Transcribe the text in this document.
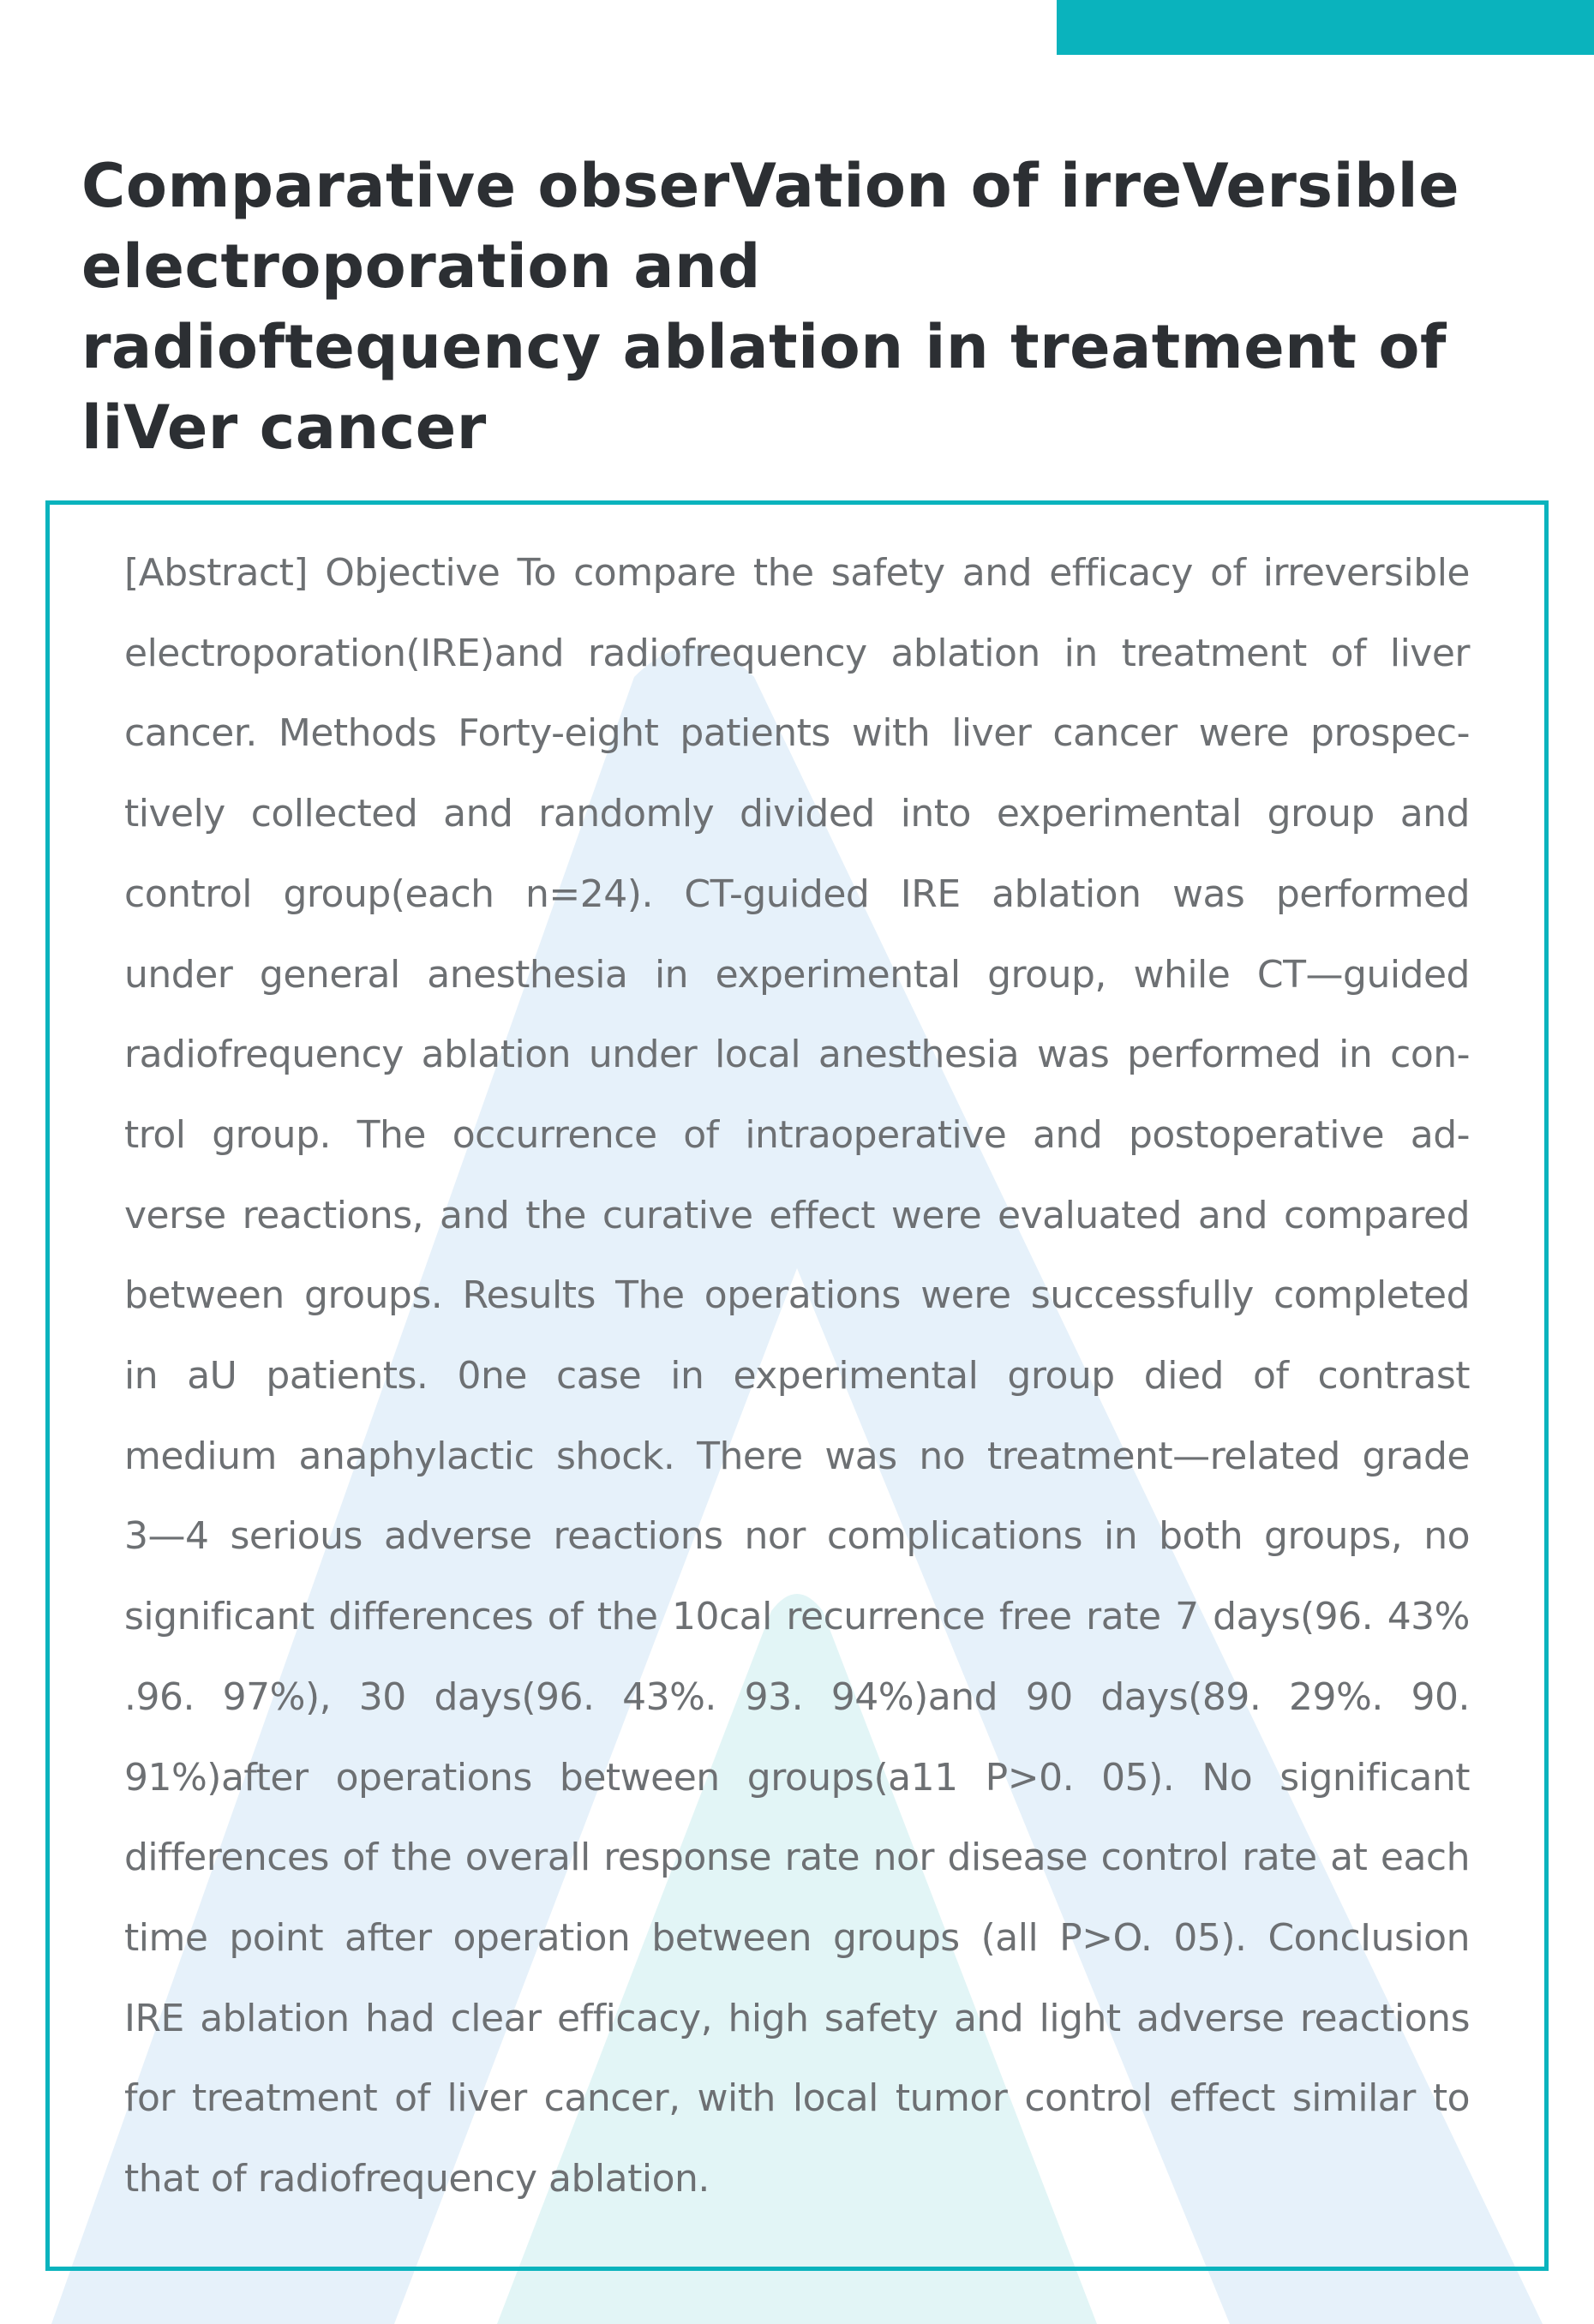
Comparative obserVation of irreVersible
electroporation and
radioftequency ablation in treatment of
liVer cancer

[Abstract] Objective To compare the safety and efficacy of irreversible
electroporation(IRE)and radiofrequency ablation in treatment of liver
cancer. Methods Forty-eight patients with liver cancer were prospec-
tively collected and randomly divided into experimental group and
control group(each n=24). CT-guided IRE ablation was performed
under general anesthesia in experimental group, while CT—guided
radiofrequency ablation under local anesthesia was performed in con-
trol group. The occurrence of intraoperative and postoperative ad-
verse reactions, and the curative effect were evaluated and compared
between groups. Results The operations were successfully completed
in aU patients. 0ne case in experimental group died of contrast
medium anaphylactic shock. There was no treatment—related grade
3—4 serious adverse reactions nor complications in both groups, no
significant differences of the 10cal recurrence free rate 7 days(96. 43%
.96. 97%), 30 days(96. 43%. 93. 94%)and 90 days(89. 29%. 90.
91%)after operations between groups(a11 P>0. 05). No significant
differences of the overall response rate nor disease control rate at each
time point after operation between groups (all P>O. 05). ConcIusion
IRE ablation had clear efficacy, high safety and light adverse reactions
for treatment of liver cancer, with local tumor control effect similar to
that of radiofrequency ablation.
